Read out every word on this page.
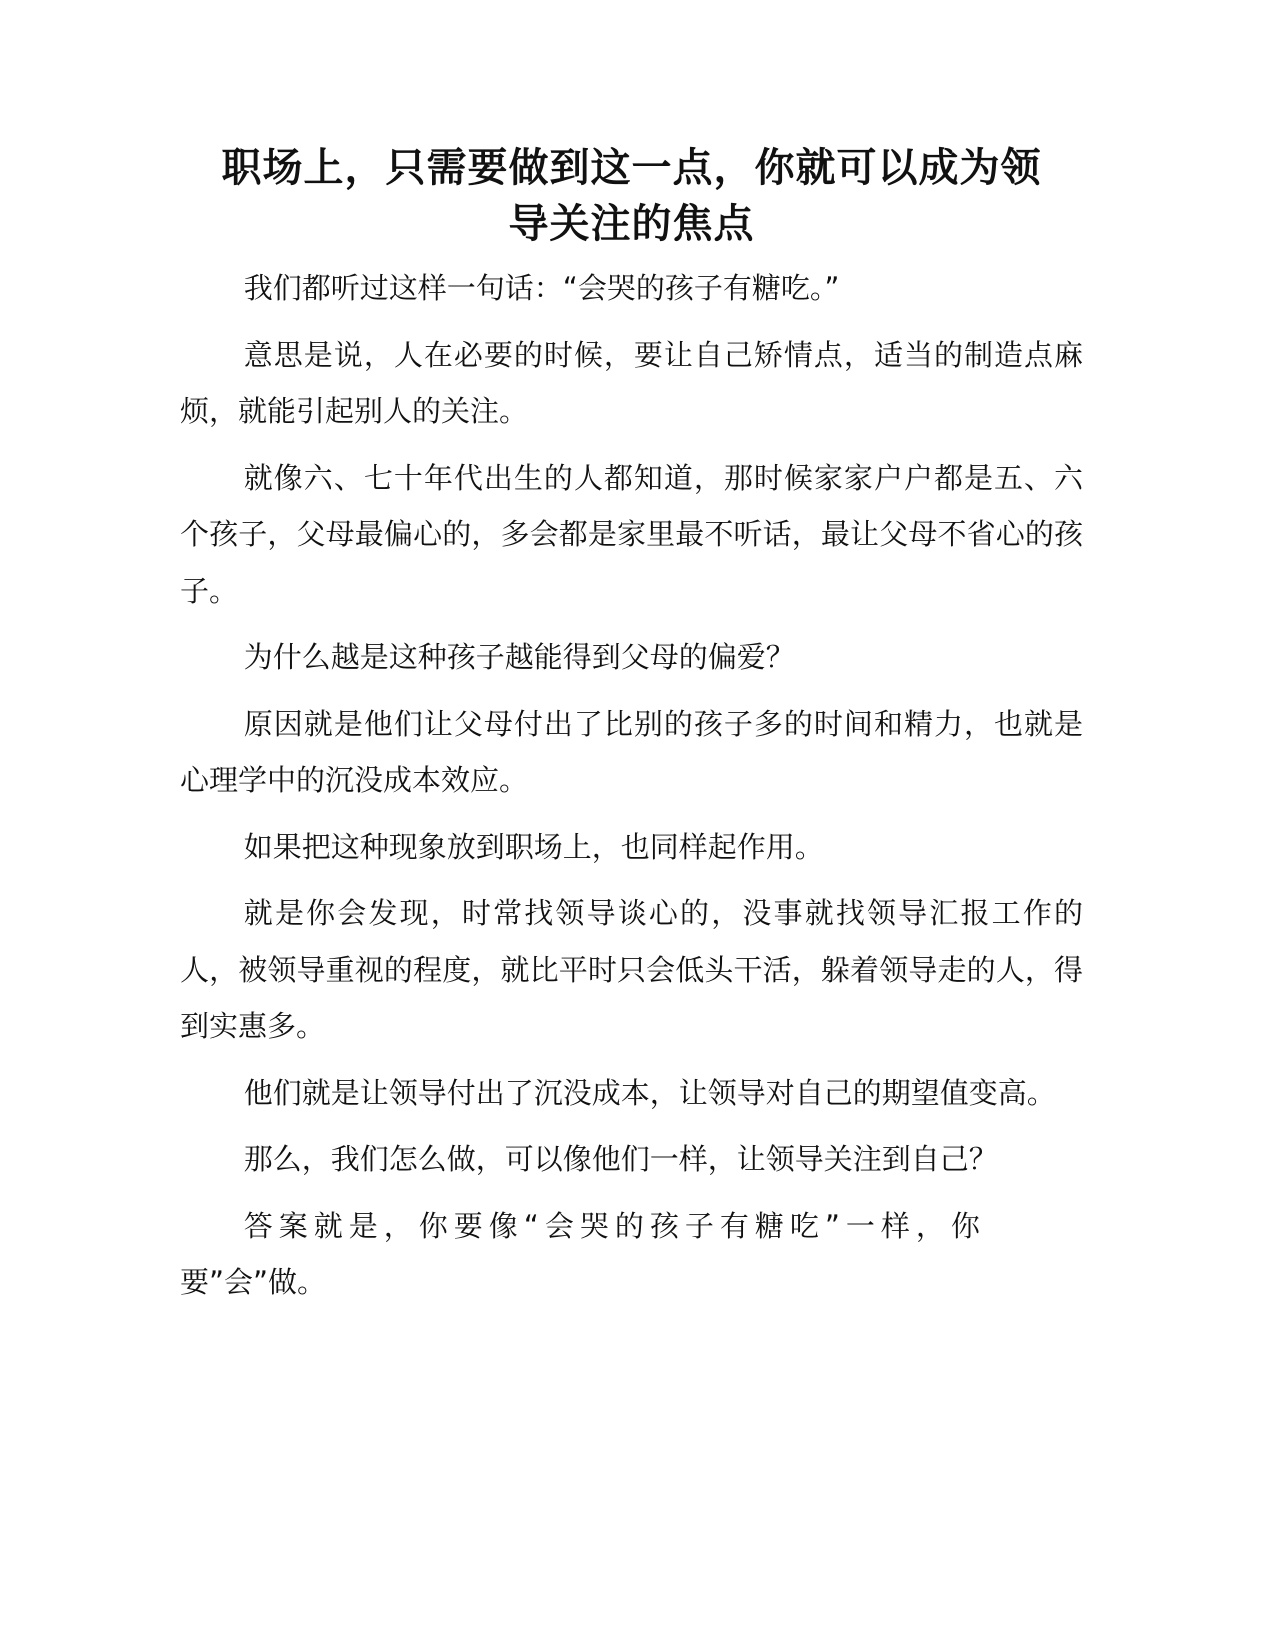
职场上，只需要做到这一点，你就可以成为领
导关注的焦点

我们都听过这样一句话：“会哭的孩子有糖吃。”

意思是说，人在必要的时候，要让自己矫情点，适当的制造点麻烦，就能引起别人的关注。

就像六、七十年代出生的人都知道，那时候家家户户都是五、六个孩子，父母最偏心的，多会都是家里最不听话，最让父母不省心的孩子。

为什么越是这种孩子越能得到父母的偏爱？

原因就是他们让父母付出了比别的孩子多的时间和精力，也就是心理学中的沉没成本效应。

如果把这种现象放到职场上，也同样起作用。

就是你会发现，时常找领导谈心的，没事就找领导汇报工作的人，被领导重视的程度，就比平时只会低头干活，躲着领导走的人，得到实惠多。

他们就是让领导付出了沉没成本，让领导对自己的期望值变高。

那么，我们怎么做，可以像他们一样，让领导关注到自己？

答案就是，你要像“会哭的孩子有糖吃”一样，你
要”会”做。
